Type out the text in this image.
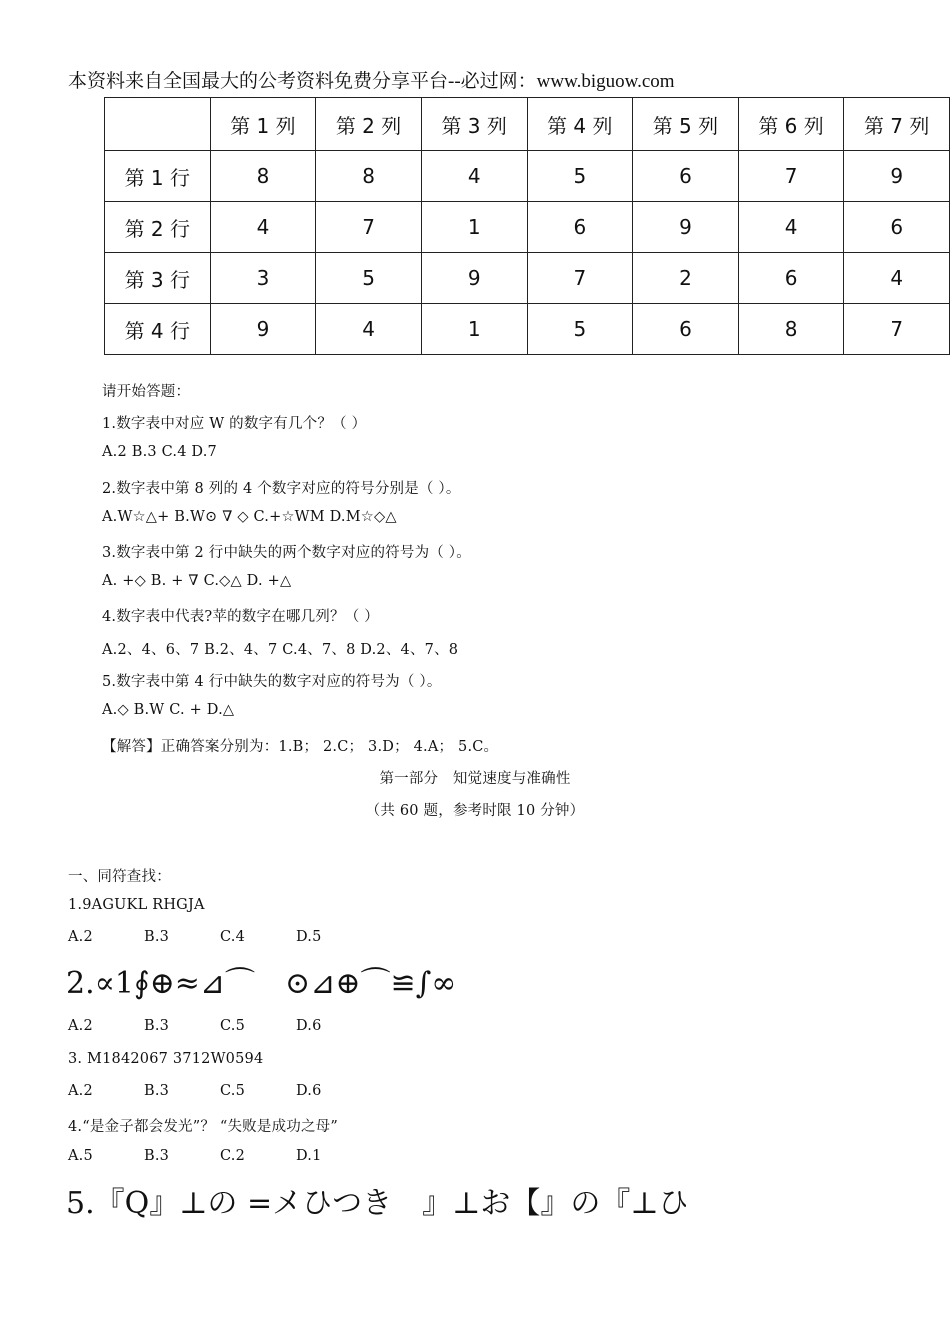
本资料来自全国最大的公考资料免费分享平台--必过网：www.biguow.com
	第 1 列	第 2 列	第 3 列	第 4 列	第 5 列	第 6 列	第 7 列
第 1 行	8	8	4	5	6	7	9
第 2 行	4	7	1	6	9	4	6
第 3 行	3	5	9	7	2	6	4
第 4 行	9	4	1	5	6	8	7
请开始答题：
1.数字表中对应 W 的数字有几个？（ ）
A.2 B.3 C.4 D.7
2.数字表中第 8 列的 4 个数字对应的符号分别是（ ）。
A.W☆△+ B.W⊙ ∇ ◇ C.+☆WM D.M☆◇△
3.数字表中第 2 行中缺失的两个数字对应的符号为（ ）。
A. +◇ B. + ∇ C.◇△ D. +△
4.数字表中代表?苹的数字在哪几列？（ ）
A.2、4、6、7 B.2、4、7 C.4、7、8 D.2、4、7、8
5.数字表中第 4 行中缺失的数字对应的符号为（ ）。
A.◇ B.W C. + D.△
【解答】正确答案分别为：1.B； 2.C； 3.D； 4.A； 5.C。
第一部分　知觉速度与准确性
（共 60 题，参考时限 10 分钟）
一、同符查找：
1.9AGUKL RHGJA
A.2	B.3	C.4	D.5
2.∝1∮⊕≈⊿⌒　⊙⊿⊕⌒≌∫∞
A.2	B.3	C.5	D.6
3. M1842067 3712W0594
A.2	B.3	C.5	D.6
4.“是金子都会发光”？ “失败是成功之母”
A.5	B.3	C.2	D.1
5.『Q』⊥の =メひつき　』⊥お【』の『⊥ひ
